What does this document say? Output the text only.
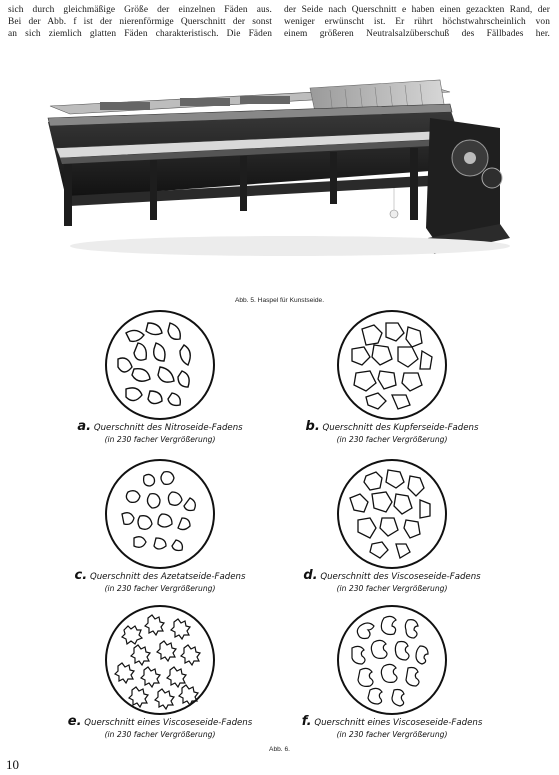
sich durch gleichmäßige Größe der einzelnen Fäden aus.

Bei der Abb. f ist der nierenförmige Querschnitt der sonst

an sich ziemlich glatten Fäden charakteristisch. Die Fäden

der Seide nach Querschnitt e haben einen gezackten Rand, der

weniger erwünscht ist. Er rührt höchstwahrscheinlich von

einem größeren Neutralsalzüberschuß des Fällbades her.

Abb. 5. Haspel für Kunstseide.
a. Querschnitt des Nitroseide-Fadens
(in 230 facher Vergrößerung)
b. Querschnitt des Kupferseide-Fadens
(in 230 facher Vergrößerung)
c. Querschnitt des Azetatseide-Fadens
(in 230 facher Vergrößerung)
d. Querschnitt des Viscoseseide-Fadens
(in 230 facher Vergrößerung)
e. Querschnitt eines Viscoseseide-Fadens
(in 230 facher Vergrößerung)
f. Querschnitt eines Viscoseseide-Fadens
(in 230 facher Vergrößerung)
Abb. 6.
10
